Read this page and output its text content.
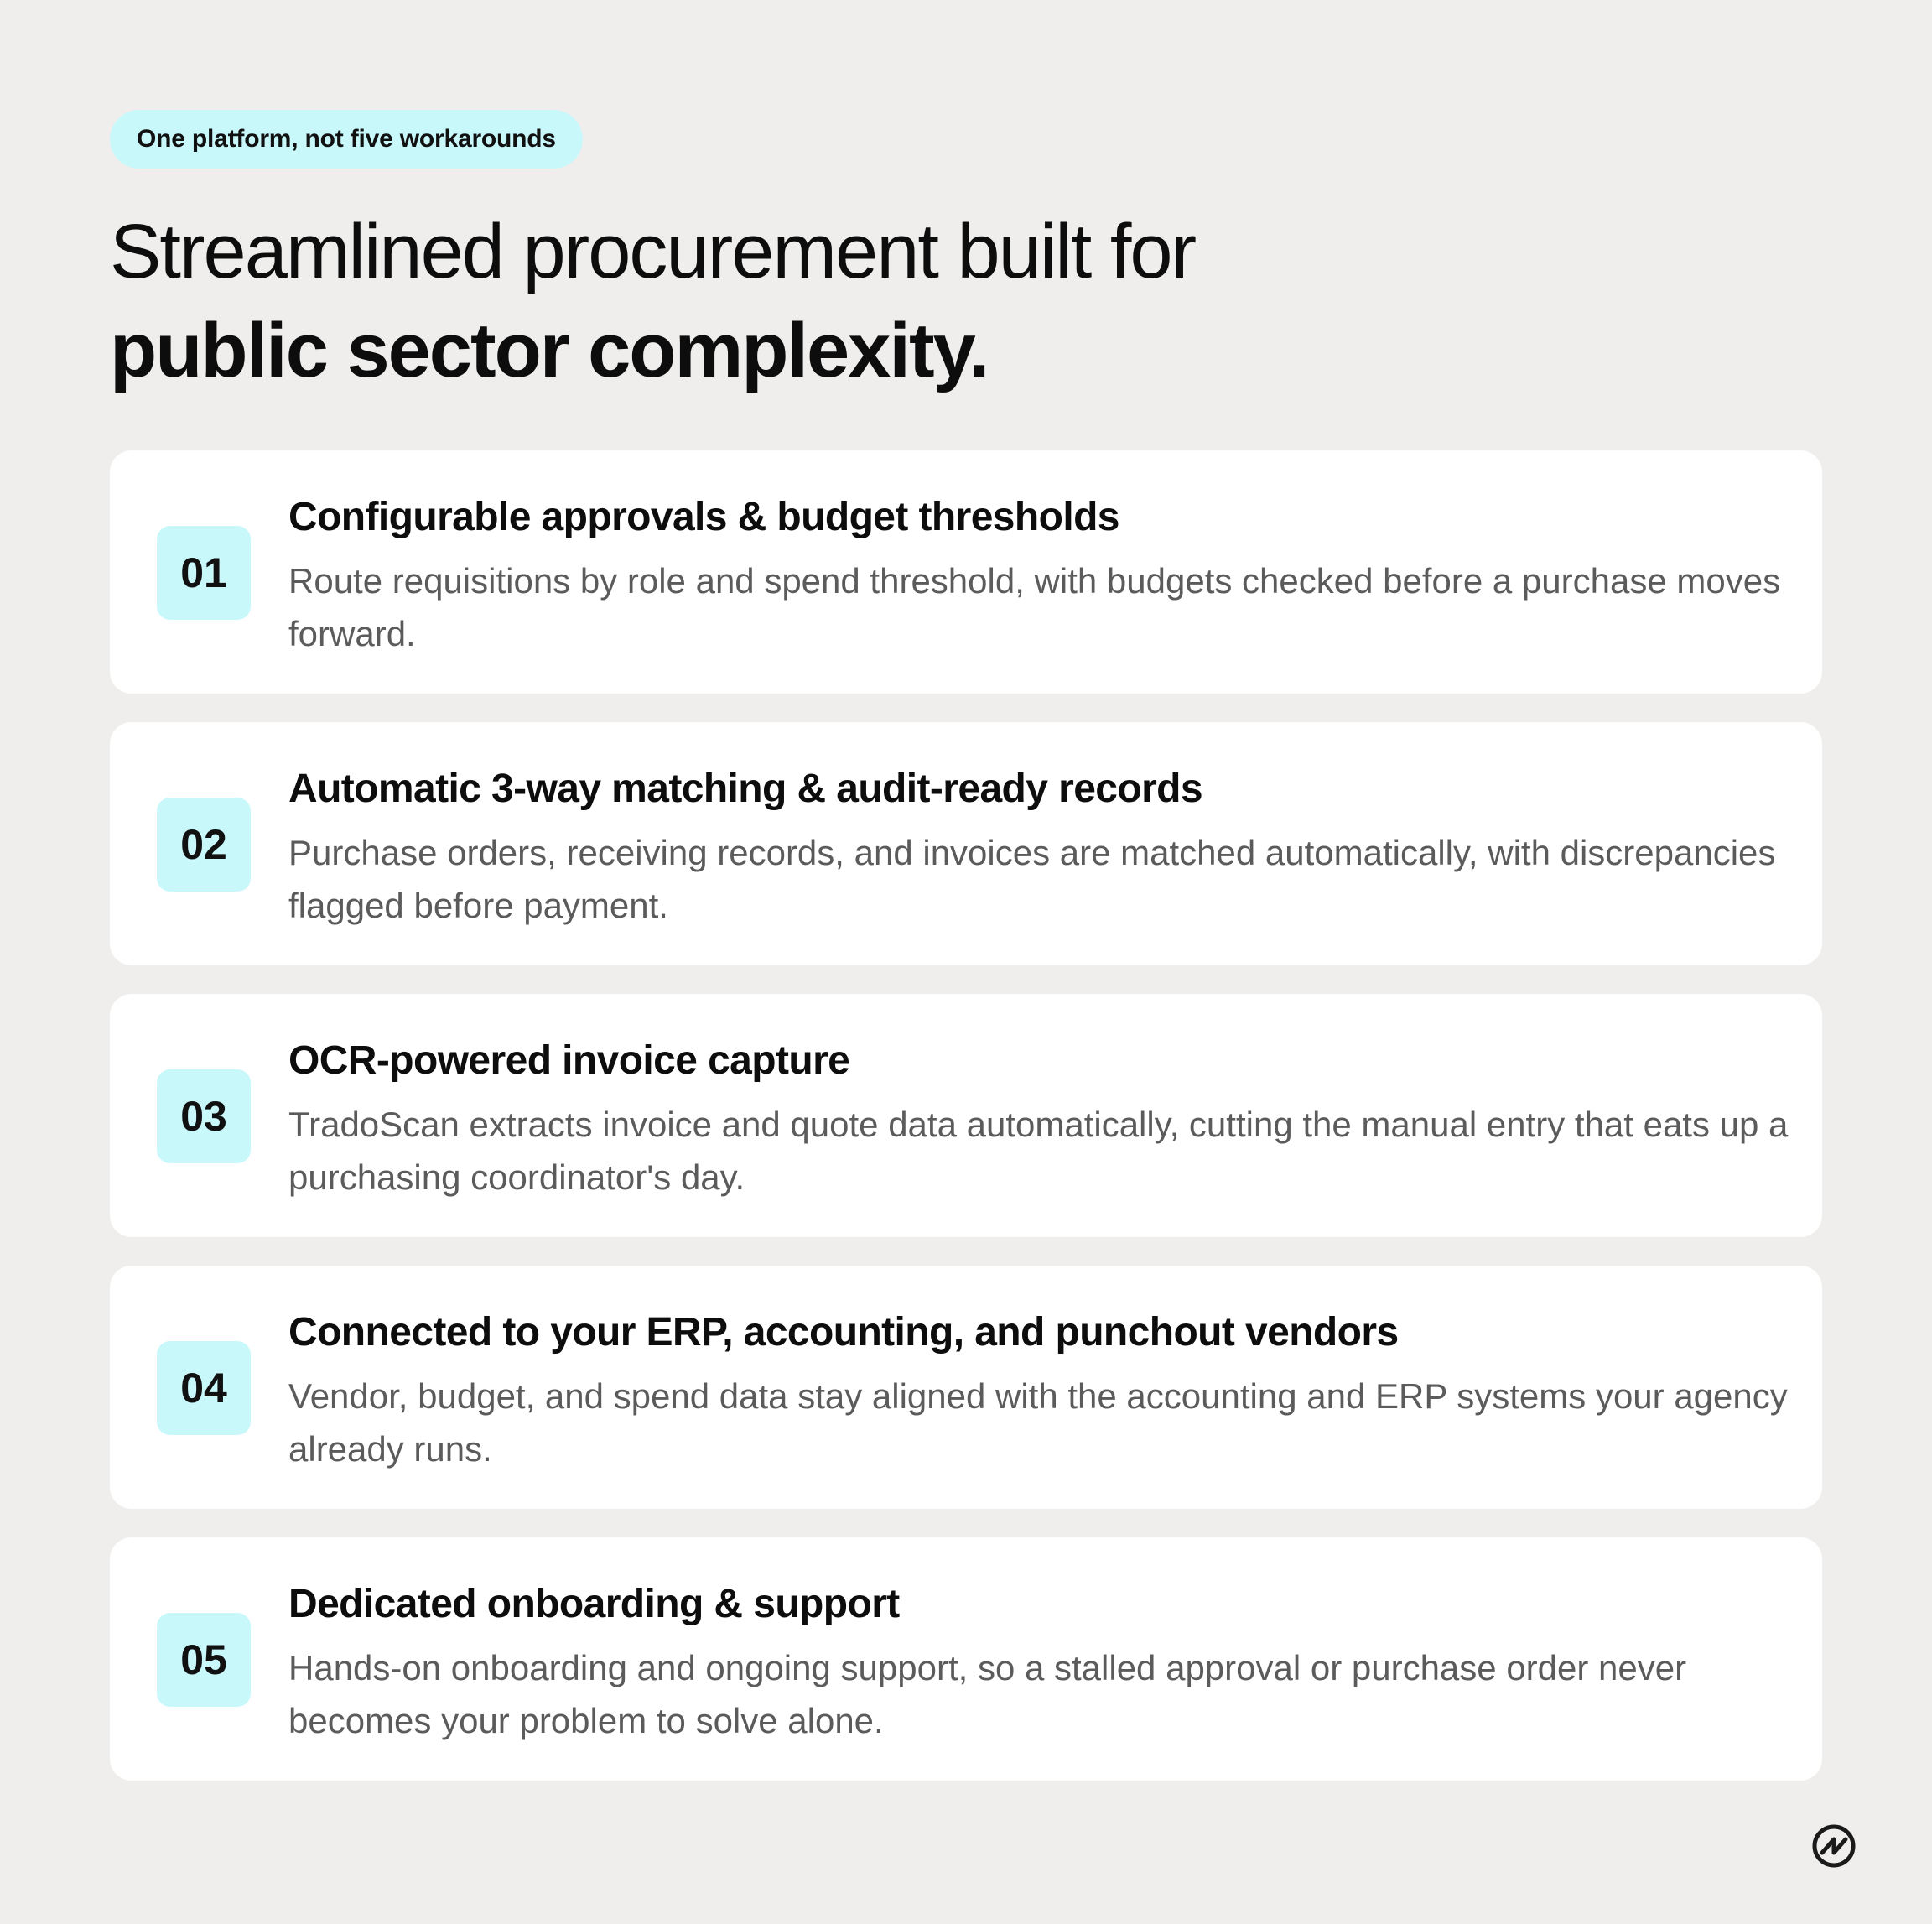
One platform, not five workarounds
Streamlined procurement built for
public sector complexity.
01
Configurable approvals & budget thresholds
Route requisitions by role and spend threshold, with budgets checked before a purchase moves forward.
02
Automatic 3-way matching & audit-ready records
Purchase orders, receiving records, and invoices are matched automatically, with discrepancies flagged before payment.
03
OCR-powered invoice capture
TradoScan extracts invoice and quote data automatically, cutting the manual entry that eats up a purchasing coordinator's day.
04
Connected to your ERP, accounting, and punchout vendors
Vendor, budget, and spend data stay aligned with the accounting and ERP systems your agency already runs.
05
Dedicated onboarding & support
Hands-on onboarding and ongoing support, so a stalled approval or purchase order never becomes your problem to solve alone.
